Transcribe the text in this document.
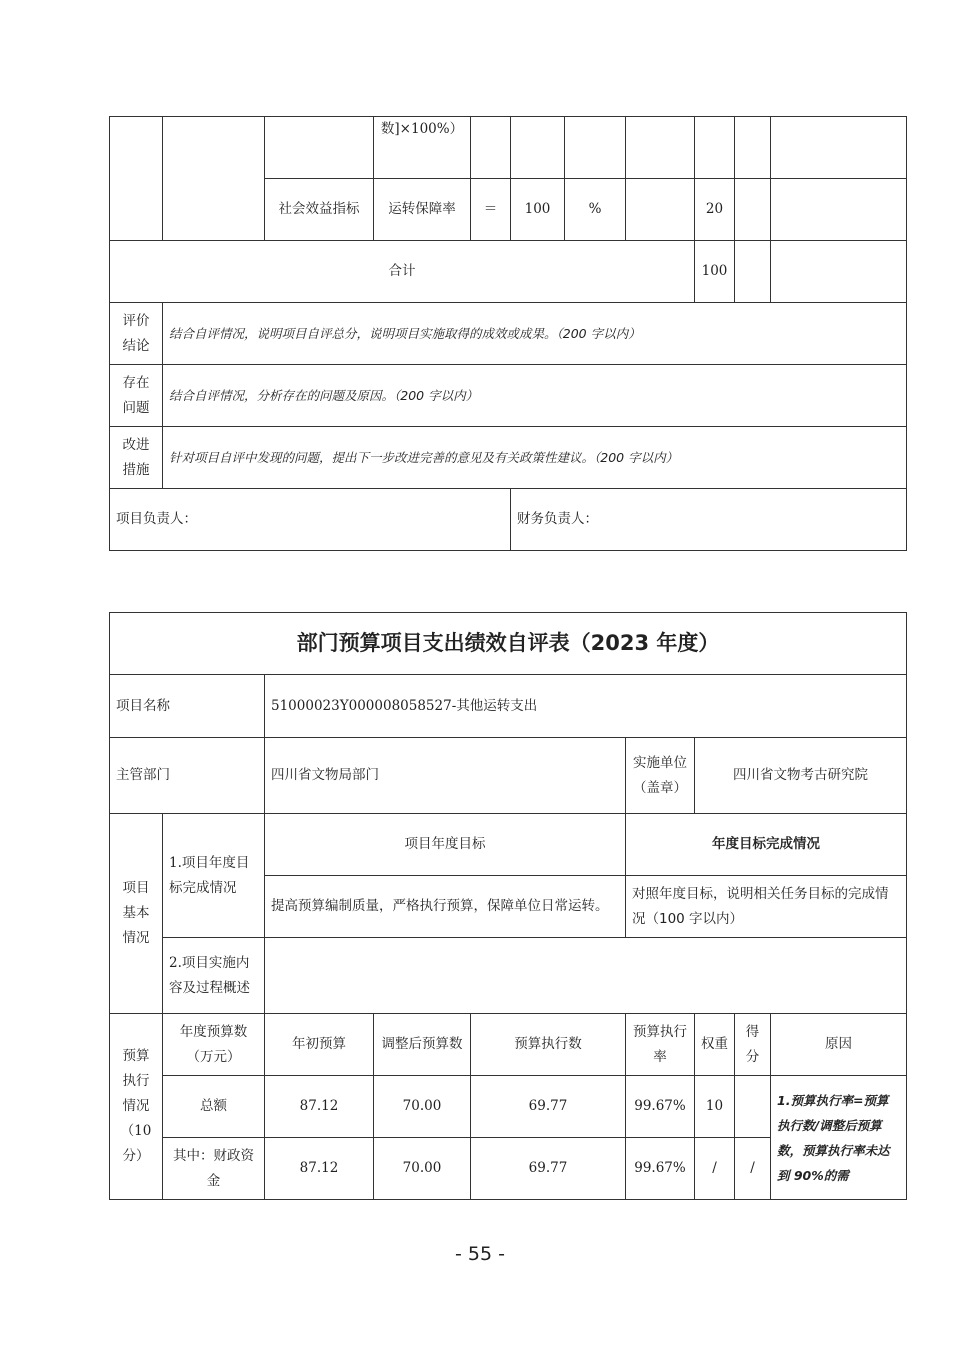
			数]×100%）							
		社会效益指标	运转保障率	＝	100	%		20		
合计								100		
评价结论	结合自评情况，说明项目自评总分，说明项目实施取得的成效或成果。（200 字以内）									
存在问题	结合自评情况，分析存在的问题及原因。（200 字以内）									
改进措施	针对项目自评中发现的问题，提出下一步改进完善的意见及有关政策性建议。（200 字以内）									
项目负责人：					财务负责人：					
部门预算项目支出绩效自评表（2023 年度）								
项目名称		51000023Y000008058527-其他运转支出						
主管部门		四川省文物局部门			实施单位（盖章）	四川省文物考古研究院		
项目基本情况	1.项目年度目标完成情况	项目年度目标			年度目标完成情况			
		提高预算编制质量，严格执行预算，保障单位日常运转。			对照年度目标，说明相关任务目标的完成情况（100 字以内）			
	2.项目实施内容及过程概述							
预算执行情况（10分）	年度预算数（万元）	年初预算	调整后预算数	预算执行数	预算执行率	权重	得分	原因
	总额	87.12	70.00	69.77	99.67%	10		1.预算执行率=预算执行数/调整后预算数，预算执行率未达到 90%的需
	其中：财政资金	87.12	70.00	69.77	99.67%	/	/	
- 55 -
